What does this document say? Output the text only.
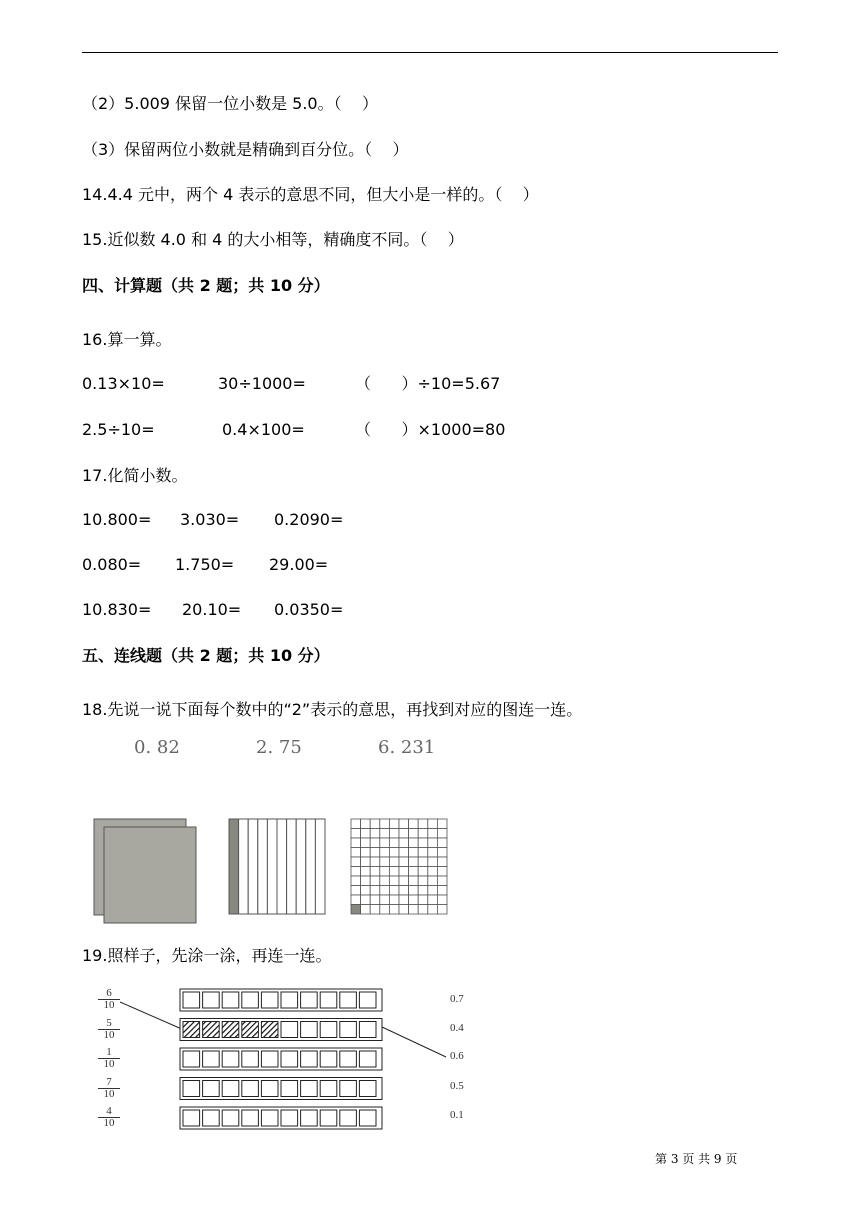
（2）5.009 保留一位小数是 5.0。（    ）
（3）保留两位小数就是精确到百分位。（    ）
14.4.4 元中，两个 4 表示的意思不同，但大小是一样的。（    ）
15.近似数 4.0 和 4 的大小相等，精确度不同。（    ）
四、计算题（共 2 题；共 10 分）
16.算一算。
0.13×10=	30÷1000=	（      ）÷10=5.67
2.5÷10=	0.4×100=	（      ）×1000=80
17.化简小数。
10.800= 3.030= 0.2090=
0.080= 1.750= 29.00=
10.830= 20.10= 0.0350=
五、连线题（共 2 题；共 10 分）
18.先说一说下面每个数中的“2”表示的意思，再找到对应的图连一连。
0. 82	2. 75	6. 231
19.照样子，先涂一涂，再连一连。
$\frac{6}{10}$
$\frac{5}{10}$
$\frac{1}{10}$
$\frac{7}{10}$
$\frac{4}{10}$
0.7
0.4
0.6
0.5
0.1
第 3 页 共 9 页
